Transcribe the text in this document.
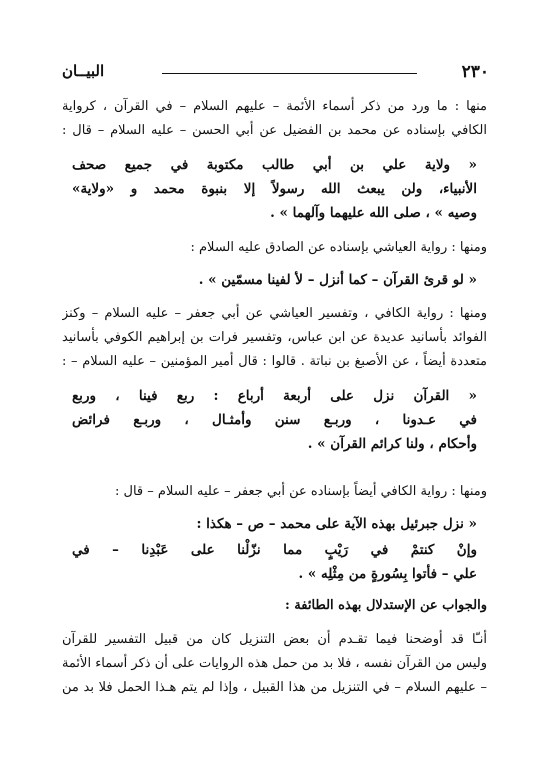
٢٣٠
البيــان
منها : ما ورد من ذكر أسماء الأئمة – عليهم السلام – في القرآن ، كرواية
الكافي بإسناده عن محمد بن الفضيل عن أبي الحسن – عليه السلام – قال :
« ولاية علي بن أبي طالب مكتوبة في جميع صحف
الأنبياء، ولن يبعث الله رسولاً إلا بنبوة محمد و «ولاية»
وصيه » ، صلى الله عليهما وآلهما » .
ومنها : رواية العياشي بإسناده عن الصادق عليه السلام :
« لو قرئ القرآن – كما أنزل – لأ لفينا مسمّين » .
ومنها : رواية الكافي ، وتفسير العياشي عن أبي جعفر – عليه السلام – وكنز
الفوائد بأسانيد عديدة عن ابن عباس، وتفسير فرات بن إبراهيم الكوفي بأسانيد
متعددة أيضاً ، عن الأصبغ بن نباتة . قالوا : قال أمير المؤمنين – عليه السلام – :
« القرآن نزل على أربعة أرباع : ربع فينا ، وربع
في عـدونا ، وربـع سنن وأمثـال ، وربـع فرائض
وأحكام ، ولنا كرائم القرآن » .
ومنها : رواية الكافي أيضاً بإسناده عن أبي جعفر – عليه السلام – قال :
« نزل جبرئيل بهذه الآية على محمد – ص – هكذا :
وإنْ كنتمْ في رَيْبٍ مما نزّلْنا على عَبْدِنا – في
علي – فأتوا بِسُورةٍ من مِثْلِه » .
والجواب عن الإستدلال بهذه الطائفة :
أنـّا قد أوضحنا فيما تقـدم أن بعض التنزيل كان من قبيل التفسير للقرآن
وليس من القرآن نفسه ، فلا بد من حمل هذه الروايات على أن ذكر أسماء الأئمة
– عليهم السلام – في التنزيل من هذا القبيل ، وإذا لم يتم هـذا الحمل فلا بد من
